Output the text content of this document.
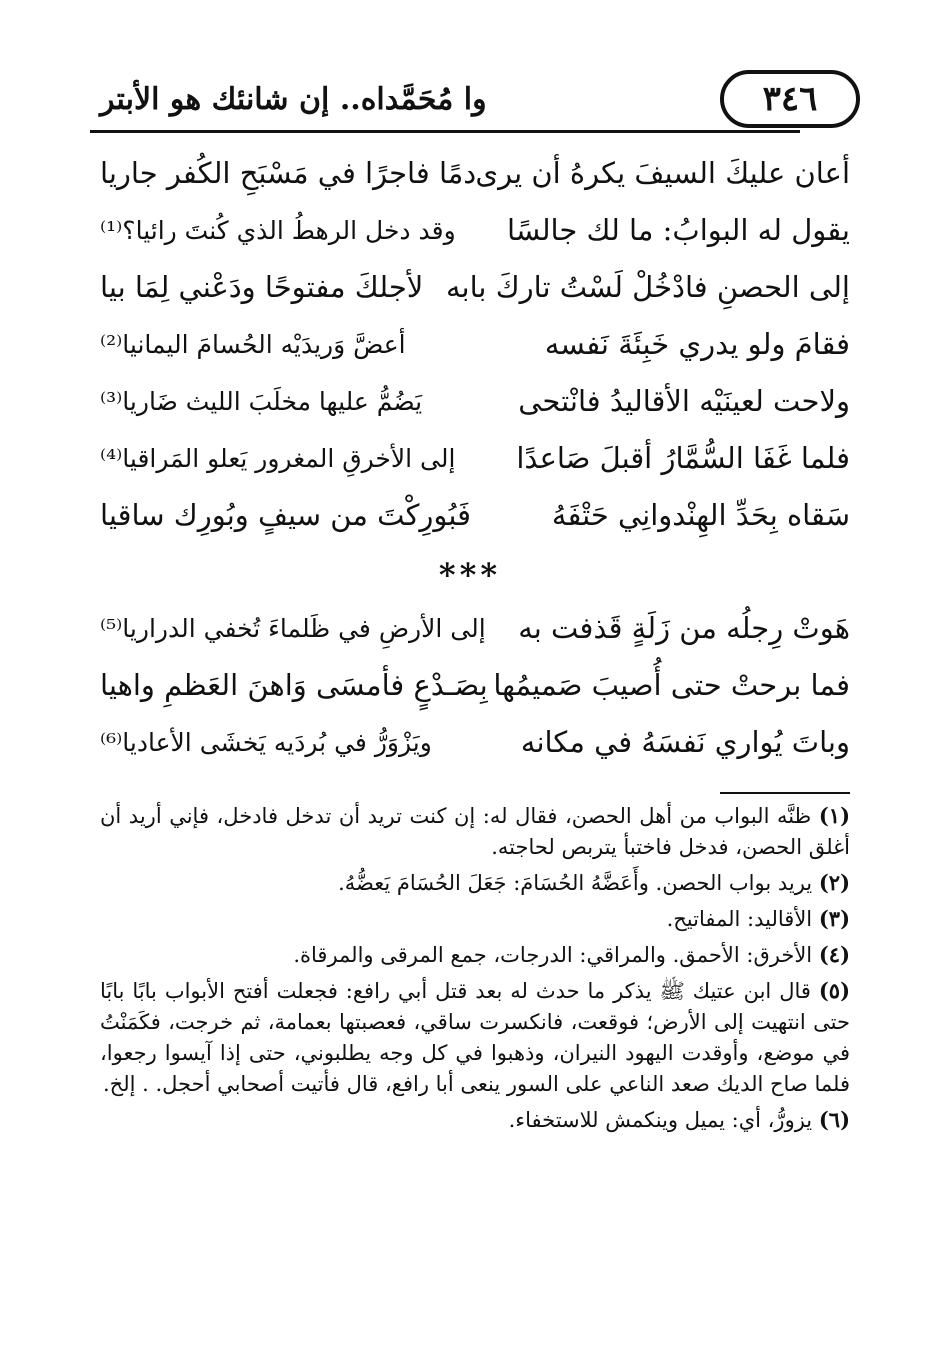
٣٤٦
وا مُحَمَّداه.. إن شانئك هو الأبتر
أعان عليكَ السيفَ يكرهُ أن يرى
دمًا فاجرًا في مَسْبَحِ الكُفر جاريا
يقول له البوابُ: ما لك جالسًا
وقد دخل الرهطُ الذي كُنتَ رائيا؟⁽¹⁾
إلى الحصنِ فادْخُلْ لَسْتُ تاركَ بابه
لأجلكَ مفتوحًا ودَعْني لِمَا بيا
فقامَ ولو يدري خَبِئَةَ نَفسه
أعضَّ وَريدَيْه الحُسامَ اليمانيا⁽²⁾
ولاحت لعينَيْه الأقاليدُ فانْتحى
يَضُمُّ عليها مخلَبَ الليث ضَاريا⁽³⁾
فلما غَفَا السُّمَّارُ أقبلَ صَاعدًا
إلى الأخرقِ المغرور يَعلو المَراقيا⁽⁴⁾
سَقاه بِحَدِّ الهِنْدوانِي حَتْفَهُ
فَبُورِكْتَ من سيفٍ وبُورِك ساقيا
***
هَوتْ رِجلُه من زَلَةٍ قَذفت به
إلى الأرضِ في ظَلماءَ تُخفي الدراريا⁽⁵⁾
فما برحتْ حتى أُصيبَ صَميمُها
بِصَـدْعٍ فأمسَى وَاهنَ العَظمِ واهيا
وباتَ يُواري نَفسَهُ في مكانه
ويَزْوَرُّ في بُردَيه يَخشَى الأعاديا⁽⁶⁾

(١) ظنَّه البواب من أهل الحصن، فقال له: إن كنت تريد أن تدخل فادخل، فإني أريد أن أغلق الحصن، فدخل فاختبأ يتربص لحاجته.

(٢) يريد بواب الحصن. وأَعَضَّهُ الحُسَامَ: جَعَلَ الحُسَامَ يَعضُّهُ.

(٣) الأقاليد: المفاتيح.

(٤) الأخرق: الأحمق. والمراقي: الدرجات، جمع المرقى والمرقاة.

(٥) قال ابن عتيك ﷺ يذكر ما حدث له بعد قتل أبي رافع: فجعلت أفتح الأبواب بابًا بابًا حتى انتهيت إلى الأرض؛ فوقعت، فانكسرت ساقي، فعصبتها بعمامة، ثم خرجت، فكَمَنْتُ في موضع، وأوقدت اليهود النيران، وذهبوا في كل وجه يطلبوني، حتى إذا آيسوا رجعوا، فلما صاح الديك صعد الناعي على السور ينعى أبا رافع، قال فأتيت أصحابي أحجل. . إلخ.

(٦) يزورُّ، أي: يميل وينكمش للاستخفاء.
